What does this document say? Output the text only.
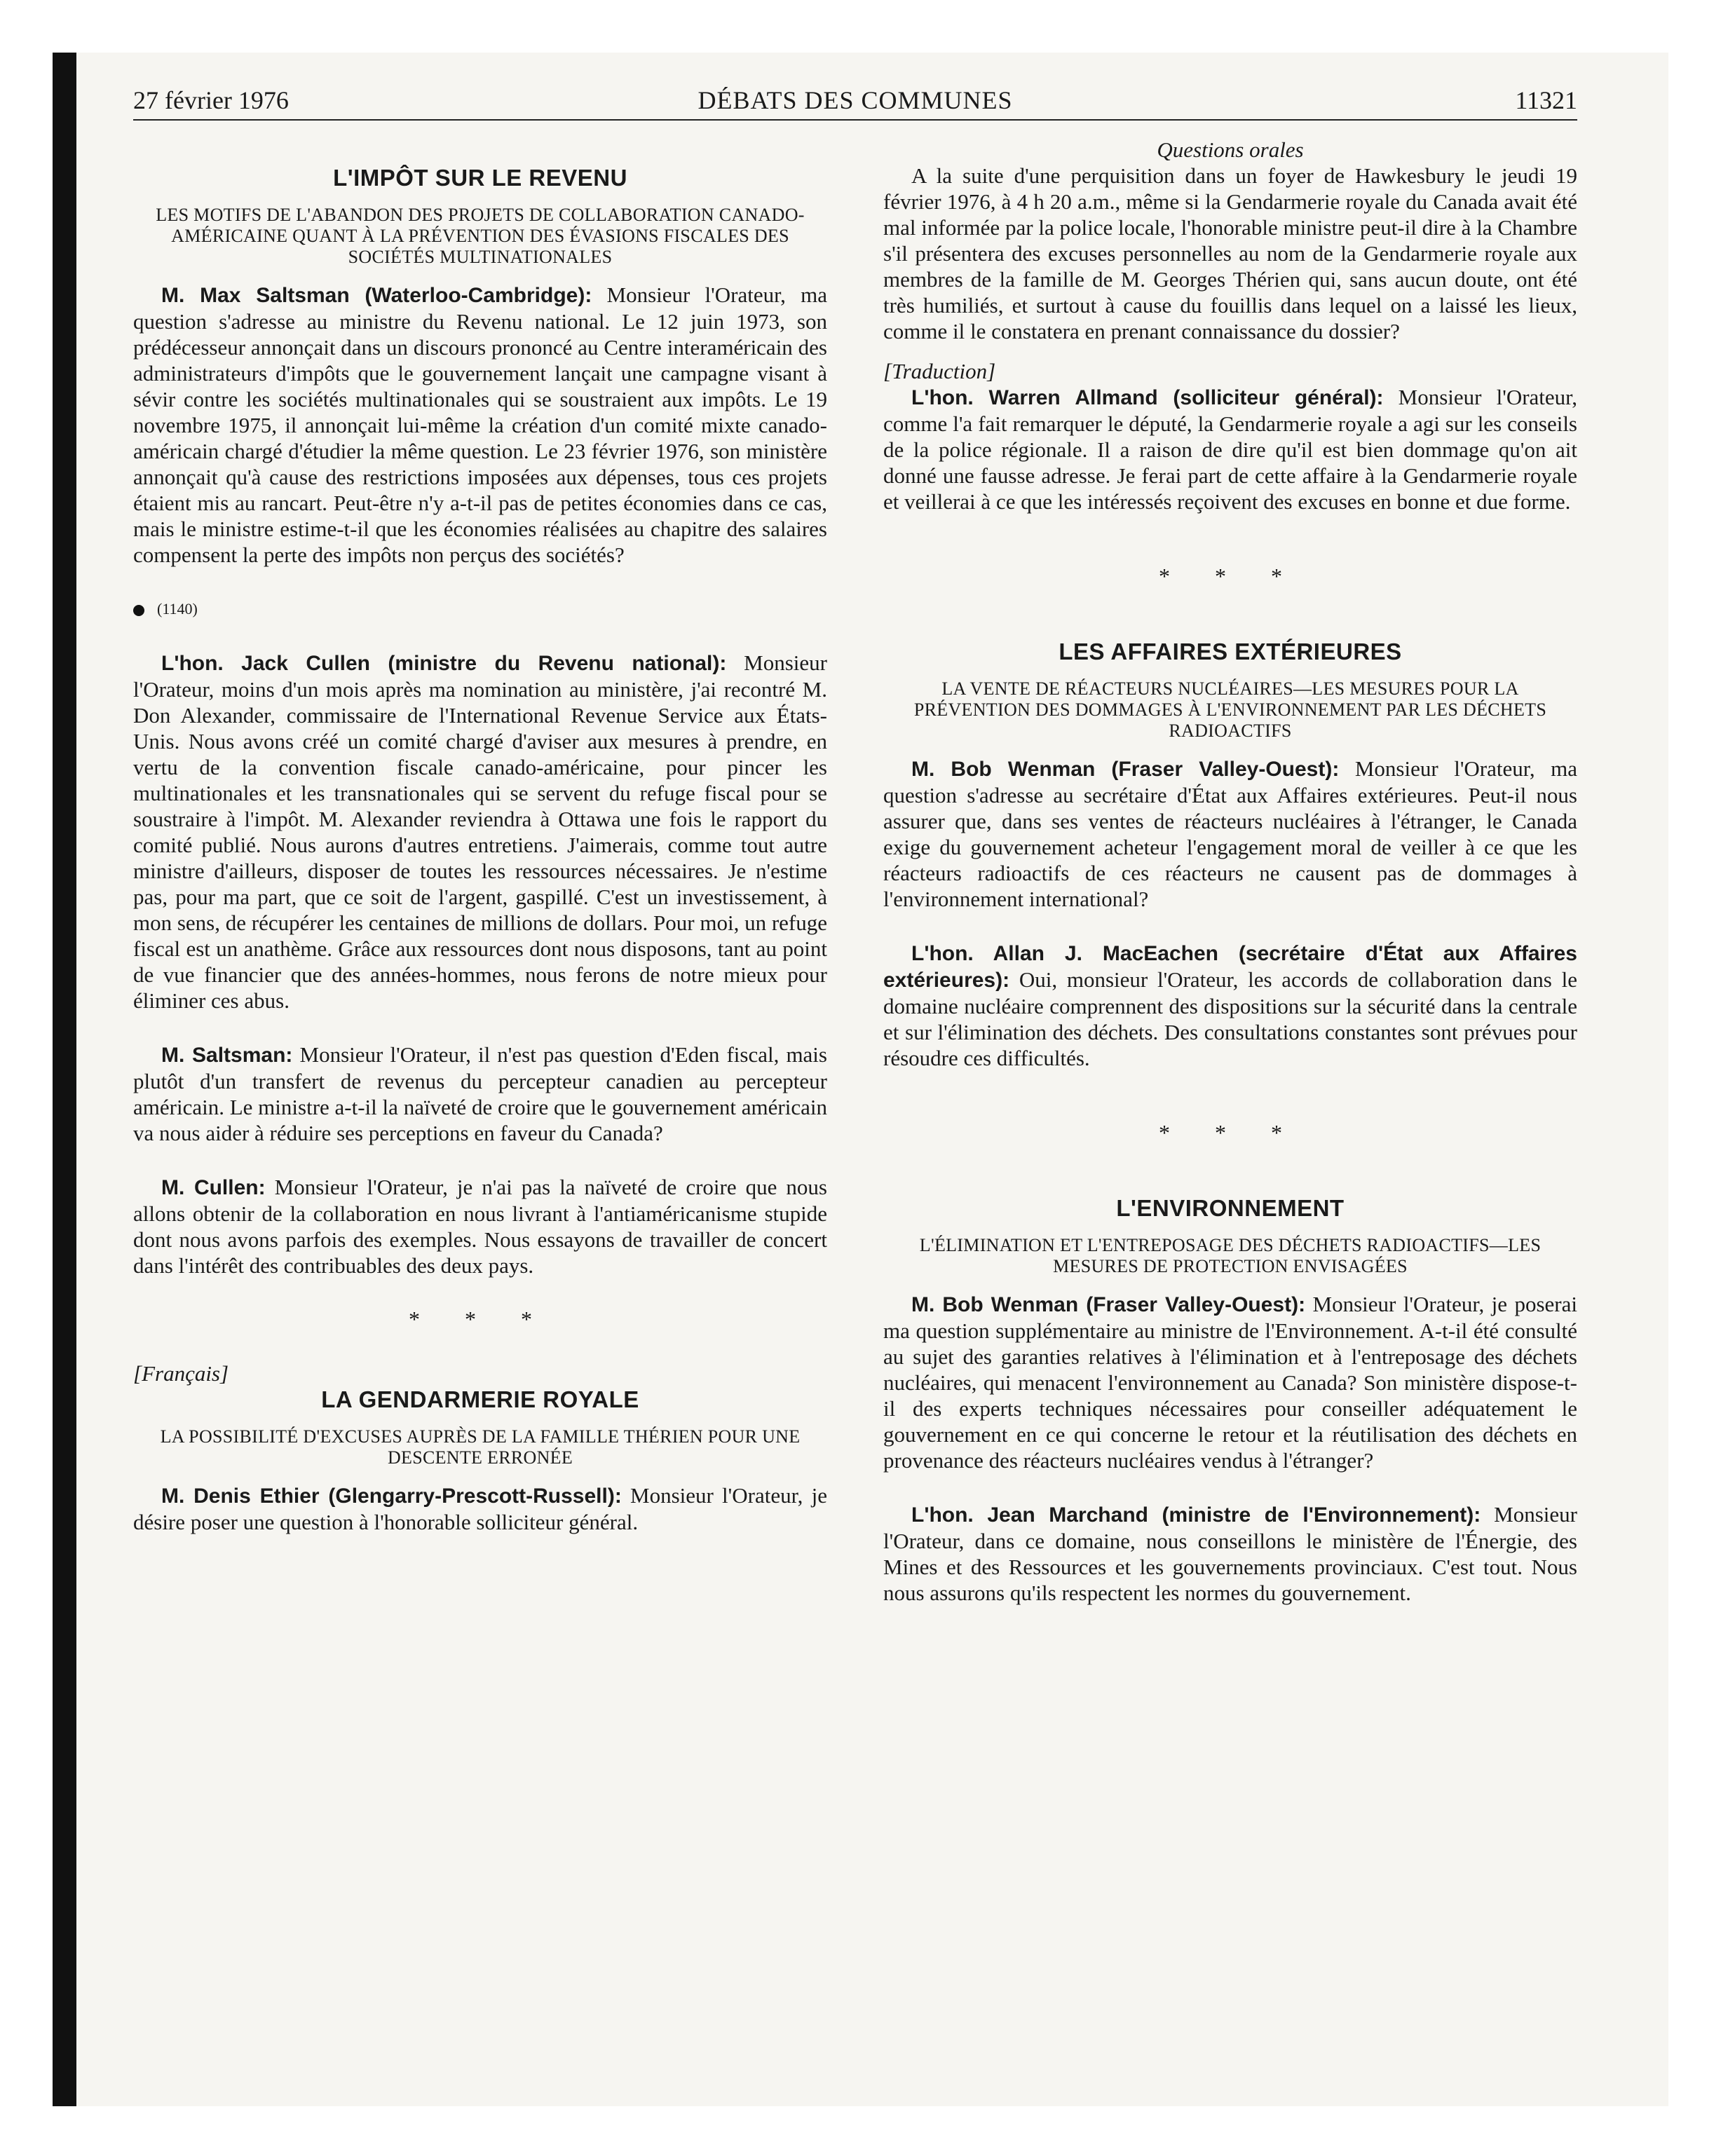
27 février 1976	DÉBATS DES COMMUNES	11321

L'IMPÔT SUR LE REVENU

LES MOTIFS DE L'ABANDON DES PROJETS DE COLLABORATION CANADO-AMÉRICAINE QUANT À LA PRÉVENTION DES ÉVASIONS FISCALES DES SOCIÉTÉS MULTINATIONALES

M. Max Saltsman (Waterloo-Cambridge): Monsieur l'Orateur, ma question s'adresse au ministre du Revenu national. Le 12 juin 1973, son prédécesseur annonçait dans un discours prononcé au Centre interaméricain des administrateurs d'impôts que le gouvernement lançait une campagne visant à sévir contre les sociétés multinationales qui se soustraient aux impôts. Le 19 novembre 1975, il annonçait lui-même la création d'un comité mixte canado-américain chargé d'étudier la même question. Le 23 février 1976, son ministère annonçait qu'à cause des restrictions imposées aux dépenses, tous ces projets étaient mis au rancart. Peut-être n'y a-t-il pas de petites économies dans ce cas, mais le ministre estime-t-il que les économies réalisées au chapitre des salaires compensent la perte des impôts non perçus des sociétés?

(1140)

L'hon. Jack Cullen (ministre du Revenu national): Monsieur l'Orateur, moins d'un mois après ma nomination au ministère, j'ai recontré M. Don Alexander, commissaire de l'International Revenue Service aux États-Unis. Nous avons créé un comité chargé d'aviser aux mesures à prendre, en vertu de la convention fiscale canado-américaine, pour pincer les multinationales et les transnationales qui se servent du refuge fiscal pour se soustraire à l'impôt. M. Alexander reviendra à Ottawa une fois le rapport du comité publié. Nous aurons d'autres entretiens. J'aimerais, comme tout autre ministre d'ailleurs, disposer de toutes les ressources nécessaires. Je n'estime pas, pour ma part, que ce soit de l'argent, gaspillé. C'est un investissement, à mon sens, de récupérer les centaines de millions de dollars. Pour moi, un refuge fiscal est un anathème. Grâce aux ressources dont nous disposons, tant au point de vue financier que des années-hommes, nous ferons de notre mieux pour éliminer ces abus.

M. Saltsman: Monsieur l'Orateur, il n'est pas question d'Eden fiscal, mais plutôt d'un transfert de revenus du percepteur canadien au percepteur américain. Le ministre a-t-il la naïveté de croire que le gouvernement américain va nous aider à réduire ses perceptions en faveur du Canada?

M. Cullen: Monsieur l'Orateur, je n'ai pas la naïveté de croire que nous allons obtenir de la collaboration en nous livrant à l'antiaméricanisme stupide dont nous avons parfois des exemples. Nous essayons de travailler de concert dans l'intérêt des contribuables des deux pays.

* * *

[Français]

LA GENDARMERIE ROYALE

LA POSSIBILITÉ D'EXCUSES AUPRÈS DE LA FAMILLE THÉRIEN POUR UNE DESCENTE ERRONÉE

M. Denis Ethier (Glengarry-Prescott-Russell): Monsieur l'Orateur, je désire poser une question à l'honorable solliciteur général.

Questions orales

A la suite d'une perquisition dans un foyer de Hawkesbury le jeudi 19 février 1976, à 4 h 20 a.m., même si la Gendarmerie royale du Canada avait été mal informée par la police locale, l'honorable ministre peut-il dire à la Chambre s'il présentera des excuses personnelles au nom de la Gendarmerie royale aux membres de la famille de M. Georges Thérien qui, sans aucun doute, ont été très humiliés, et surtout à cause du fouillis dans lequel on a laissé les lieux, comme il le constatera en prenant connaissance du dossier?

[Traduction]

L'hon. Warren Allmand (solliciteur général): Monsieur l'Orateur, comme l'a fait remarquer le député, la Gendarmerie royale a agi sur les conseils de la police régionale. Il a raison de dire qu'il est bien dommage qu'on ait donné une fausse adresse. Je ferai part de cette affaire à la Gendarmerie royale et veillerai à ce que les intéressés reçoivent des excuses en bonne et due forme.

* * *

LES AFFAIRES EXTÉRIEURES

LA VENTE DE RÉACTEURS NUCLÉAIRES—LES MESURES POUR LA PRÉVENTION DES DOMMAGES À L'ENVIRONNEMENT PAR LES DÉCHETS RADIOACTIFS

M. Bob Wenman (Fraser Valley-Ouest): Monsieur l'Orateur, ma question s'adresse au secrétaire d'État aux Affaires extérieures. Peut-il nous assurer que, dans ses ventes de réacteurs nucléaires à l'étranger, le Canada exige du gouvernement acheteur l'engagement moral de veiller à ce que les réacteurs radioactifs de ces réacteurs ne causent pas de dommages à l'environnement international?

L'hon. Allan J. MacEachen (secrétaire d'État aux Affaires extérieures): Oui, monsieur l'Orateur, les accords de collaboration dans le domaine nucléaire comprennent des dispositions sur la sécurité dans la centrale et sur l'élimination des déchets. Des consultations constantes sont prévues pour résoudre ces difficultés.

* * *

L'ENVIRONNEMENT

L'ÉLIMINATION ET L'ENTREPOSAGE DES DÉCHETS RADIOACTIFS—LES MESURES DE PROTECTION ENVISAGÉES

M. Bob Wenman (Fraser Valley-Ouest): Monsieur l'Orateur, je poserai ma question supplémentaire au ministre de l'Environnement. A-t-il été consulté au sujet des garanties relatives à l'élimination et à l'entreposage des déchets nucléaires, qui menacent l'environnement au Canada? Son ministère dispose-t-il des experts techniques nécessaires pour conseiller adéquatement le gouvernement en ce qui concerne le retour et la réutilisation des déchets en provenance des réacteurs nucléaires vendus à l'étranger?

L'hon. Jean Marchand (ministre de l'Environnement): Monsieur l'Orateur, dans ce domaine, nous conseillons le ministère de l'Énergie, des Mines et des Ressources et les gouvernements provinciaux. C'est tout. Nous nous assurons qu'ils respectent les normes du gouvernement.
